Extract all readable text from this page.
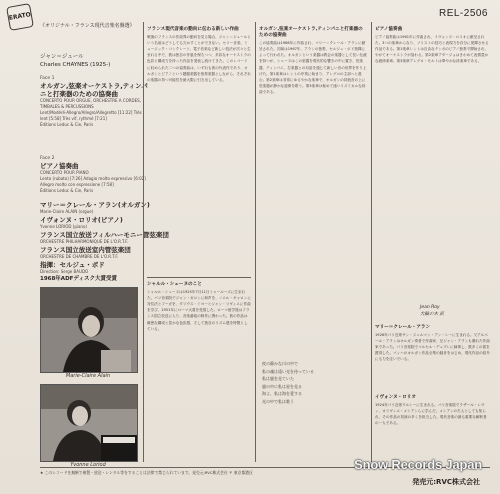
ERATO	REL-2506
《オリジナル・フランス現代音楽名盤選》
ジャン＝ジュール
Charles CHAYNES (1925-)
Face 1
オルガン,弦楽オーケストラ,ティンパニと打楽器のための協奏曲
CONCERTO POUR ORGUE, ORCHESTRE A CORDES, TIMBALES & PERCUSSIONS
Lent/Modéré-Allegro/Allegro/Allegretto [11:22] Très lent [5:58] Très vif, rythmé [7:21]
Éditions Leduc & Cie, Paris
Face 2
ピアノ協奏曲
CONCERTO POUR PIANO
Lento (rubato) [7:26] Adagio molto espressivo [6:02] Allegro molto con espressione [7:58]
Éditions Leduc & Cie, Paris
マリー＝クレール・アラン(オルガン)
Marie-Claire ALAIN (orgue)
イヴォンヌ・ロリオ(ピアノ)
Yvonne LORIOD (piano)
フランス国立放送フィルハーモニー管弦楽団
ORCHESTRE PHILHARMONIQUE DE L'O.R.T.F.
フランス国立放送室内管弦楽団
ORCHESTRE DE CHAMBRE DE L'O.R.T.F.
指揮：セルジュ・ボド
Direction: Serge BAUDO
1968年ADFディスク大賞受賞
Marie-Claire Alain
Yvonne Loriod
フランス現代音楽の動向に伝わる新しい作曲
戦後のフランスの作曲界の動向を見る場合、ジャン＝ジュールという名前はどうしても欠かすことができない。セリー音楽、ミュージック・コンクレート、電子音楽など新しい技法が次々と生まれる中で、彼は独自の作風を保ちつつ、多彩なオーケストラの色彩と構成力を持った作品を発表し続けてきた。このレコードに収められた二つの協奏曲は、いずれも彼の代表作であり、オルガンとピアノという鍵盤楽器を独奏楽器としながら、それぞれの楽器の持つ可能性を最大限に引き出している。
シャルル・シェーヌのこと
シャルル・シェーヌは1925年7月11日トゥールーズに生まれた。パリ音楽院でジャン・ガロンに和声を、ノエル・ギャロンに対位法とフーガを、ダリウス・ミヨーとジャン・リヴィエに作曲を学び、1951年にローマ大賞を受賞した。ローマ留学後はフランス国立放送に入り、音楽番組の制作に携わった。彼の作品は緻密な構成と豊かな色彩感、そして独自のリズム感を特徴としている。
オルガン,弦楽オーケストラ,ティンパニと打楽器のための協奏曲
この協奏曲は1966年に作曲され、マリー＝クレール・アランに献呈された。初演は1967年、アランの独奏、セルジュ・ボド指揮によって行われた。オルガンという楽器は教会の楽器として長い伝統を持つが、シェーヌはこの楽器を現代的な響きの中に置き、弦楽器、ティンパニ、打楽器との対話を通じて新しい音の世界を作り上げた。第1楽章はレントの序奏に始まり、アレグロの主部へと進む。第2楽章は非常にゆるやかな楽章で、オルガンの持続音の上に弦楽器が静かな旋律を歌う。第3楽章は極めて速いリズミカルな終曲である。
夜の静かな川の中で
私の魂は遠い光を待っている
私は風を見ていた
風の中に私は星を見る
海よ、私は海を愛する
光の中で私は歌う
ピアノ協奏曲
ピアノ協奏曲は1961年に作曲され、イヴォンヌ・ロリオに献呈された。3つの楽章からなり、ソリストの技巧と表現力を存分に発揮させる作品である。第1楽章レントは自由なテンポのピアノ独奏で開始され、やがてオーケストラが加わる。第2楽章アダージョはきわめて表情豊かな緩徐楽章。第3楽章アレグロ・モルトは華やかな終楽章である。
Jean Roy
大輪の木 訳
マリー＝クレール・アラン
1926年パリ近郊サン・ジェルマン・アン・レーに生まれる。父アルベール・アランはオルガン奏者で作曲家、兄ジャン・アランも優れた作曲家であった。パリ音楽院でマルセル・デュプレに師事し、数多くの賞を獲得した。バッハのオルガン作品全集の録音をはじめ、現代作品の紹介にも力を注いでいる。
イヴォンヌ・ロリオ
1924年パリ近郊ウルシーに生まれる。パリ音楽院でラザール・レヴィ、オリヴィエ・メシアンらに学んだ。メシアンの夫人としても知られ、その作品の初演の多くを担当した。現代音楽の最も重要な解釈者の一人である。
★ このレコードを無断で複製・放送・レンタル等をすることは法律で禁じられています。発売元:RVC株式会社 〒 東京都港区
Snow Records Japan
発売元:RVC株式会社
